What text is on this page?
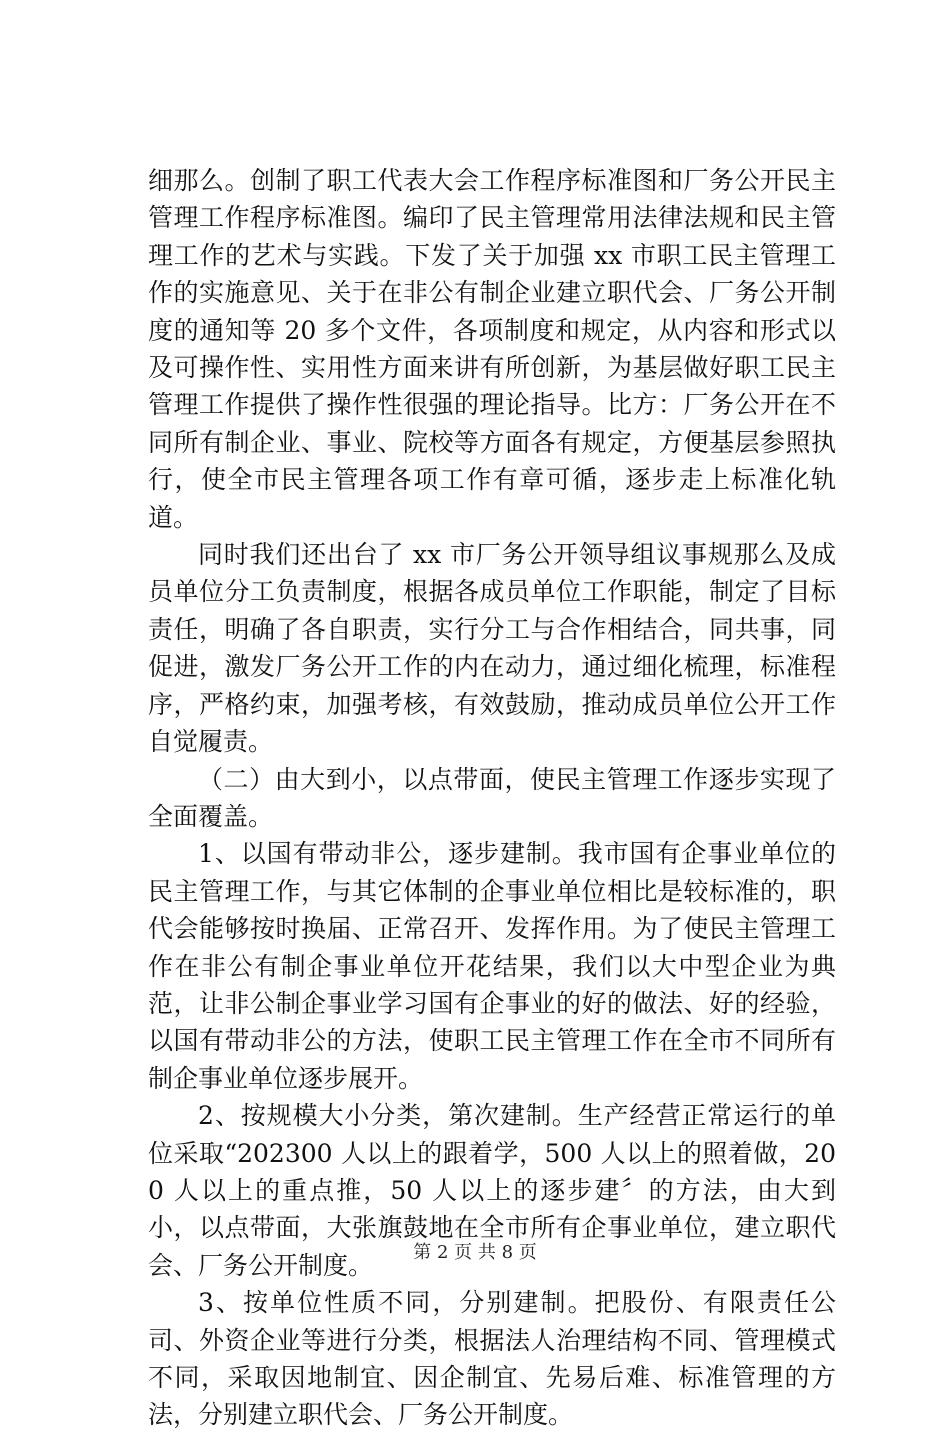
细那么。创制了职工代表大会工作程序标准图和厂务公开民主管理工作程序标准图。编印了民主管理常用法律法规和民主管理工作的艺术与实践。下发了关于加强 xx 市职工民主管理工作的实施意见、关于在非公有制企业建立职代会、厂务公开制度的通知等 20 多个文件，各项制度和规定，从内容和形式以及可操作性、实用性方面来讲有所创新，为基层做好职工民主管理工作提供了操作性很强的理论指导。比方：厂务公开在不同所有制企业、事业、院校等方面各有规定，方便基层参照执行，使全市民主管理各项工作有章可循，逐步走上标准化轨道。

同时我们还出台了 xx 市厂务公开领导组议事规那么及成员单位分工负责制度，根据各成员单位工作职能，制定了目标责任，明确了各自职责，实行分工与合作相结合，同共事，同促进，激发厂务公开工作的内在动力，通过细化梳理，标准程序，严格约束，加强考核，有效鼓励，推动成员单位公开工作自觉履责。

（二）由大到小，以点带面，使民主管理工作逐步实现了全面覆盖。

1、以国有带动非公，逐步建制。我市国有企事业单位的民主管理工作，与其它体制的企事业单位相比是较标准的，职代会能够按时换届、正常召开、发挥作用。为了使民主管理工作在非公有制企事业单位开花结果，我们以大中型企业为典范，让非公制企事业学习国有企事业的好的做法、好的经验，以国有带动非公的方法，使职工民主管理工作在全市不同所有制企事业单位逐步展开。

2、按规模大小分类，第次建制。生产经营正常运行的单位采取“202300 人以上的跟着学，500 人以上的照着做，200 人以上的重点推，50 人以上的逐步建〞的方法，由大到小，以点带面，大张旗鼓地在全市所有企事业单位，建立职代会、厂务公开制度。

3、按单位性质不同，分别建制。把股份、有限责任公司、外资企业等进行分类，根据法人治理结构不同、管理模式不同，采取因地制宜、因企制宜、先易后难、标准管理的方法，分别建立职代会、厂务公开制度。

第 2 页 共 8 页
